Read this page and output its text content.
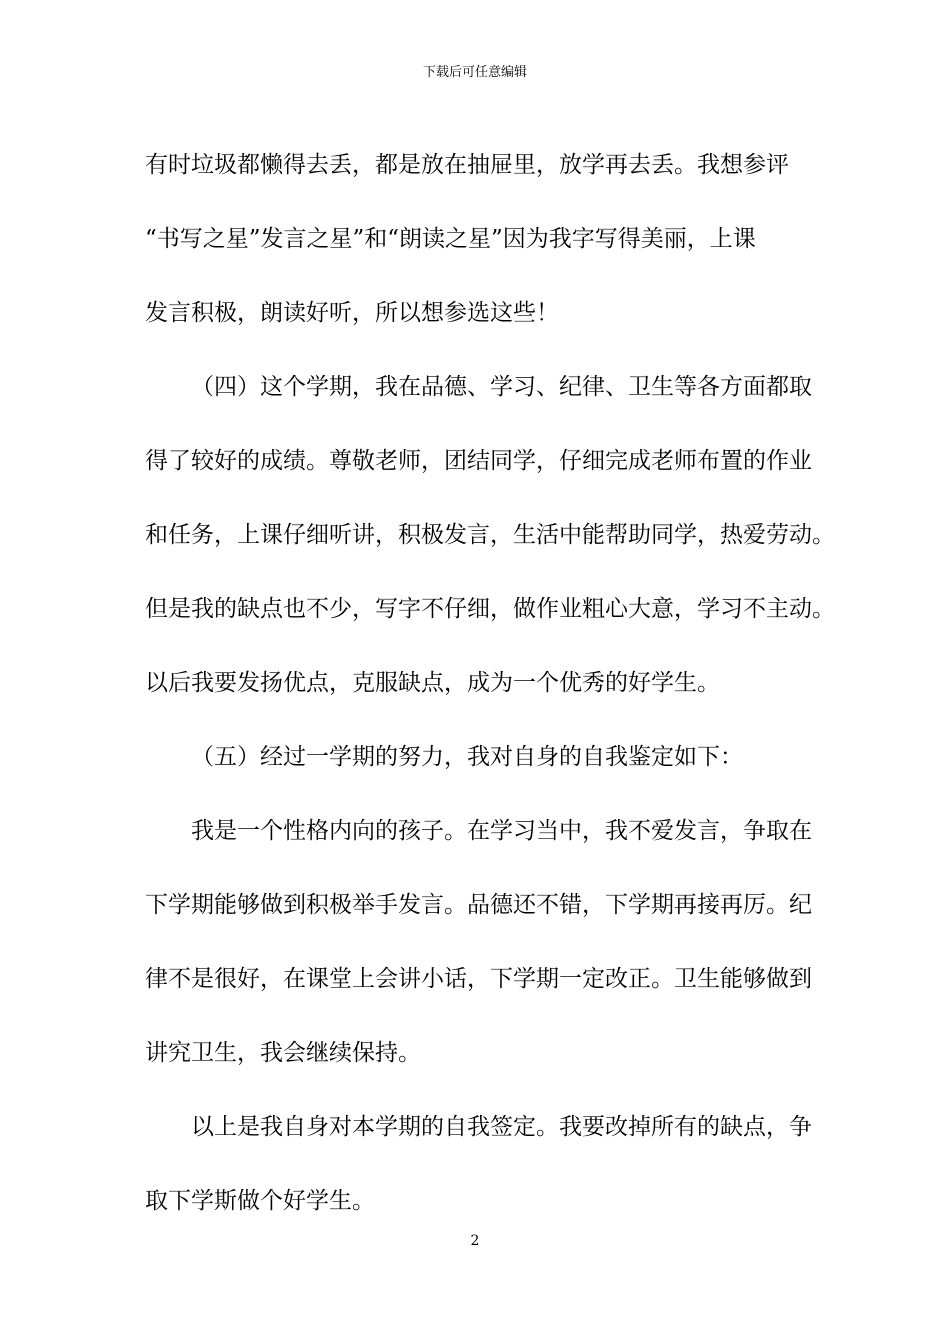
下载后可任意编辑
有时垃圾都懒得去丢，都是放在抽屉里，放学再去丢。我想参评
“书写之星”发言之星”和“朗读之星”因为我字写得美丽，上课
发言积极，朗读好听，所以想参选这些！
（四）这个学期，我在品德、学习、纪律、卫生等各方面都取
得了较好的成绩。尊敬老师，团结同学，仔细完成老师布置的作业
和任务，上课仔细听讲，积极发言，生活中能帮助同学，热爱劳动。
但是我的缺点也不少，写字不仔细，做作业粗心大意，学习不主动。
以后我要发扬优点，克服缺点，成为一个优秀的好学生。
（五）经过一学期的努力，我对自身的自我鉴定如下：
我是一个性格内向的孩子。在学习当中，我不爱发言，争取在
下学期能够做到积极举手发言。品德还不错，下学期再接再厉。纪
律不是很好，在课堂上会讲小话，下学期一定改正。卫生能够做到
讲究卫生，我会继续保持。
以上是我自身对本学期的自我签定。我要改掉所有的缺点，争
取下学斯做个好学生。
2
